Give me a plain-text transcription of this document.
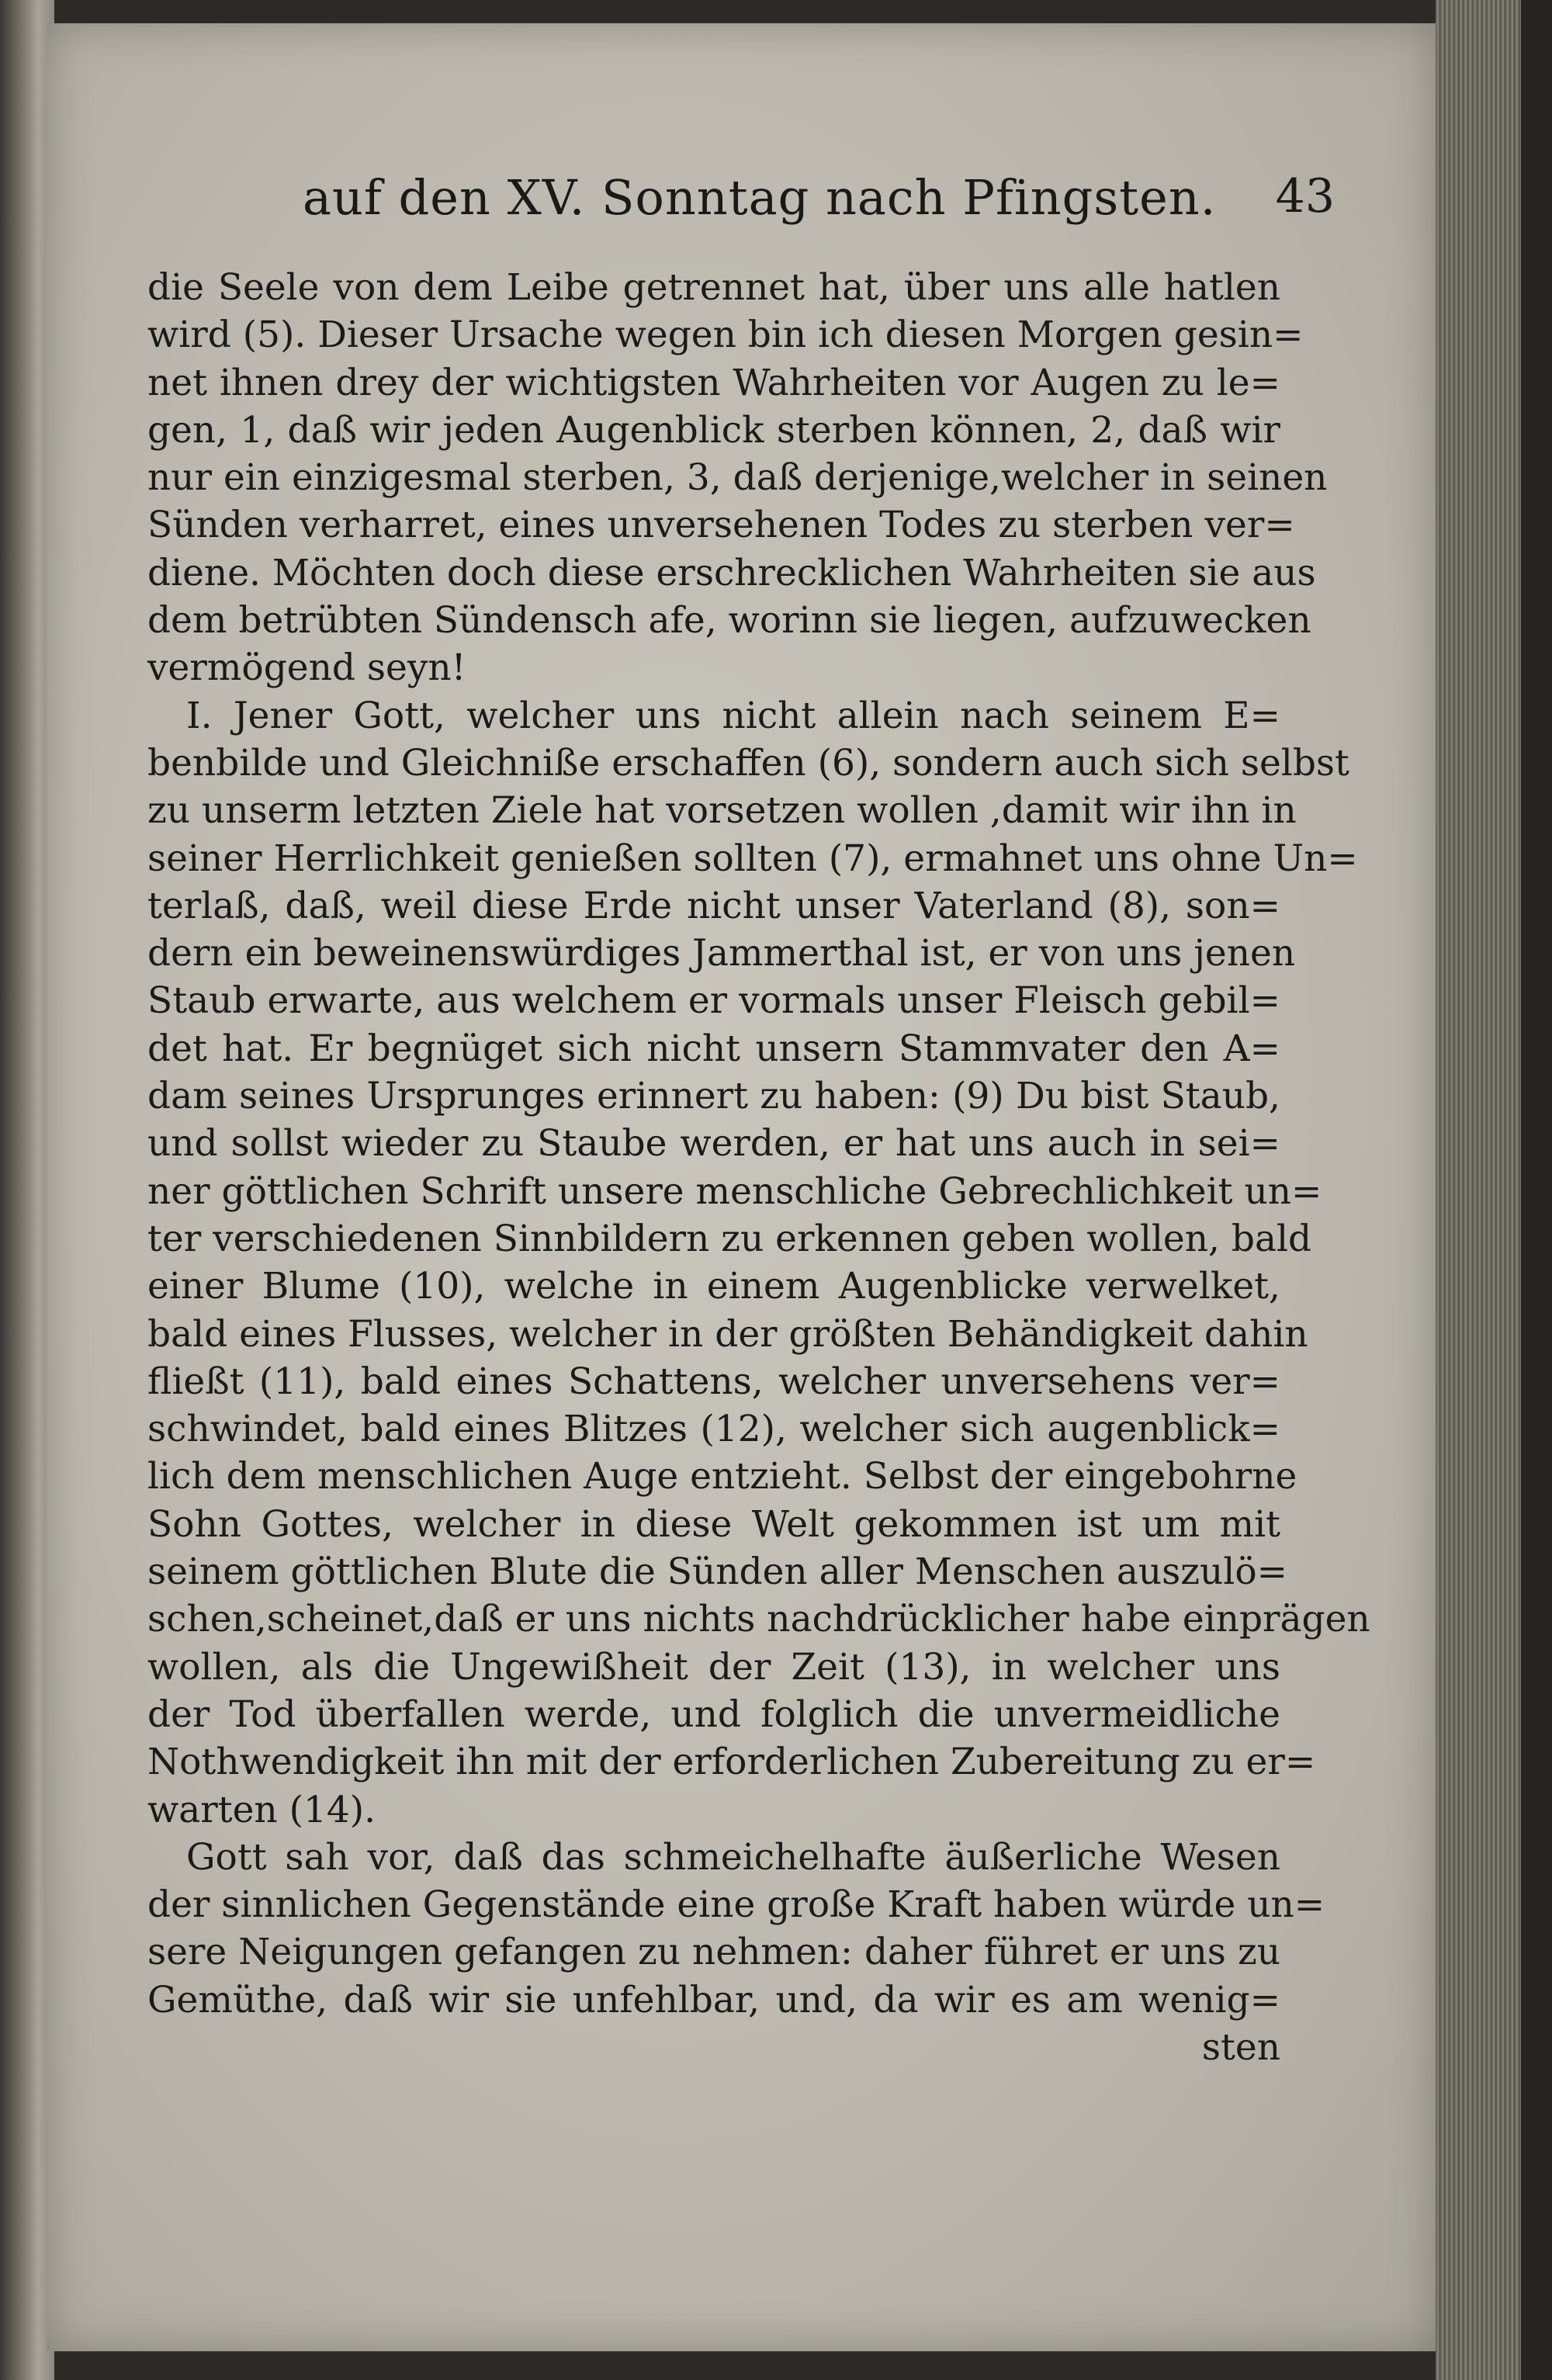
auf den XV. Sonntag nach Pfingsten. 43
die Seele von dem Leibe getrennet hat, über uns alle hatlen
wird (5). Dieser Ursache wegen bin ich diesen Morgen gesin=
net ihnen drey der wichtigsten Wahrheiten vor Augen zu le=
gen, 1, daß wir jeden Augenblick sterben können, 2, daß wir
nur ein einzigesmal sterben, 3, daß derjenige,welcher in seinen
Sünden verharret, eines unversehenen Todes zu sterben ver=
diene. Möchten doch diese erschrecklichen Wahrheiten sie aus
dem betrübten Sündensch afe, worinn sie liegen, aufzuwecken
vermögend seyn!
I. Jener Gott, welcher uns nicht allein nach seinem E=
benbilde und Gleichnißе erschaffen (6), sondern auch sich selbst
zu unserm letzten Ziele hat vorsetzen wollen ,damit wir ihn in
seiner Herrlichkeit genießen sollten (7), ermahnet uns ohne Un=
terlaß, daß, weil diese Erde nicht unser Vaterland (8), son=
dern ein beweinenswürdiges Jammerthal ist, er von uns jenen
Staub erwarte, aus welchem er vormals unser Fleisch gebil=
det hat. Er begnüget sich nicht unsern Stammvater den A=
dam seines Ursprunges erinnert zu haben: (9) Du bist Staub,
und sollst wieder zu Staube werden, er hat uns auch in sei=
ner göttlichen Schrift unsere menschliche Gebrechlichkeit un=
ter verschiedenen Sinnbildern zu erkennen geben wollen, bald
einer Blume (10), welche in einem Augenblicke verwelket,
bald eines Flusses, welcher in der größten Behändigkeit dahin
fließt (11), bald eines Schattens, welcher unversehens ver=
schwindet, bald eines Blitzes (12), welcher sich augenblick=
lich dem menschlichen Auge entzieht. Selbst der eingebohrne
Sohn Gottes, welcher in diese Welt gekommen ist um mit
seinem göttlichen Blute die Sünden aller Menschen auszulö=
schen,scheinet,daß er uns nichts nachdrücklicher habe einprägen
wollen, als die Ungewißheit der Zeit (13), in welcher uns
der Tod überfallen werde, und folglich die unvermeidliche
Nothwendigkeit ihn mit der erforderlichen Zubereitung zu er=
warten (14).
Gott sah vor, daß das schmeichelhafte äußerliche Wesen
der sinnlichen Gegenstände eine große Kraft haben würde un=
sere Neigungen gefangen zu nehmen: daher führet er uns zu
Gemüthe, daß wir sie unfehlbar, und, da wir es am wenig=
sten
